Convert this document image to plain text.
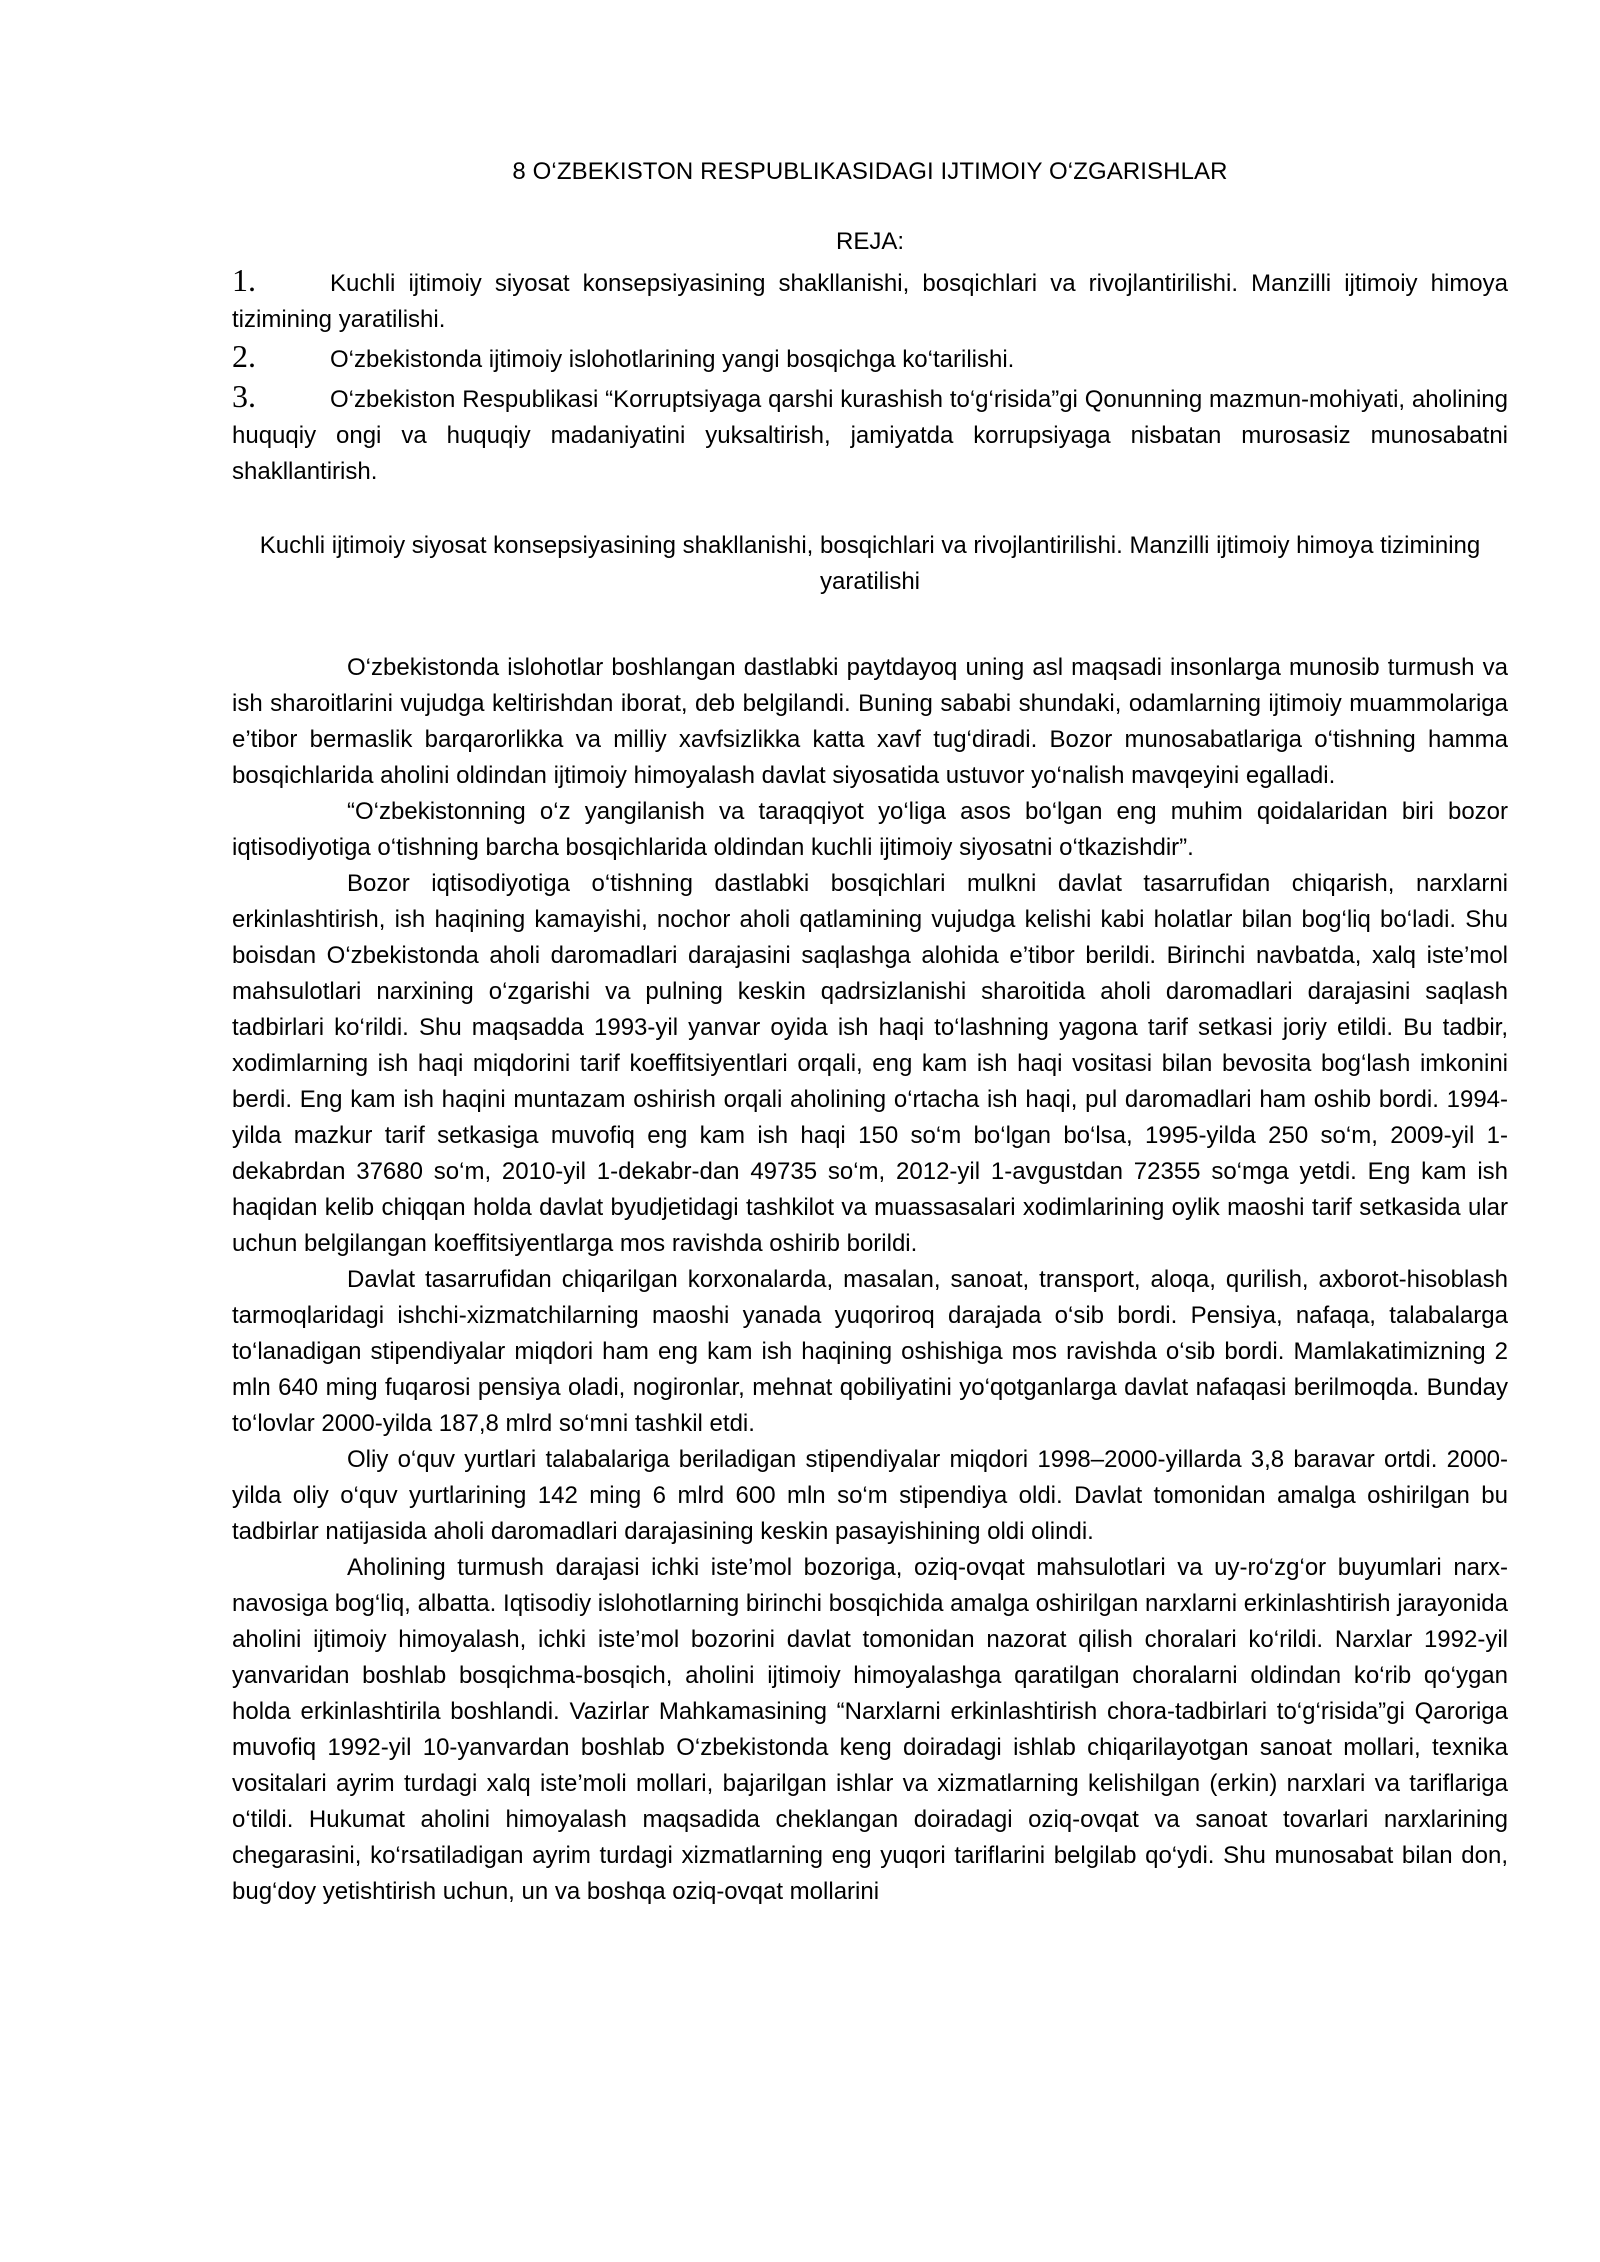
8 O‘ZBEKISTON RESPUBLIKASIDAGI IJTIMOIY O‘ZGARISHLAR

REJA:

1.	Kuchli ijtimoiy siyosat konsepsiyasining shakllanishi, bosqichlari va rivojlantirilishi. Manzilli ijtimoiy himoya tizimining yaratilishi.

2.	O‘zbekistonda ijtimoiy islohotlarining yangi bosqichga ko‘tarilishi.

3.	O‘zbekiston Respublikasi “Korruptsiyaga qarshi kurashish to‘g‘risida”gi Qonunning mazmun-mohiyati, aholining huquqiy ongi va huquqiy madaniyatini yuksaltirish, jamiyatda korrupsiyaga nisbatan murosasiz munosabatni shakllantirish.

Kuchli ijtimoiy siyosat konsepsiyasining shakllanishi, bosqichlari va rivojlantirilishi. Manzilli ijtimoiy himoya tizimining yaratilishi

O‘zbekistonda islohotlar boshlangan dastlabki paytdayoq uning asl maqsadi insonlarga munosib turmush va ish sharoitlarini vujudga keltirishdan iborat, deb belgilandi. Buning sababi shundaki, odamlarning ijtimoiy muammolariga e’tibor bermaslik barqarorlikka va milliy xavfsizlikka katta xavf tug‘diradi. Bozor munosabatlariga o‘tishning hamma bosqichlarida aholini oldindan ijtimoiy himoyalash davlat siyosatida ustuvor yo‘nalish mavqeyini egalladi.

“O‘zbekistonning o‘z yangilanish va taraqqiyot yo‘liga asos bo‘lgan eng muhim qoidalaridan biri bozor iqtisodiyotiga o‘tishning barcha bosqichlarida oldindan kuchli ijtimoiy siyosatni o‘tkazishdir”.

Bozor iqtisodiyotiga o‘tishning dastlabki bosqichlari mulkni davlat tasarrufidan chiqarish, narxlarni erkinlashtirish, ish haqining kamayishi, nochor aholi qatlamining vujudga kelishi kabi holatlar bilan bog‘liq bo‘ladi. Shu boisdan O‘zbekistonda aholi daromadlari darajasini saqlashga alohida e’tibor berildi. Birinchi navbatda, xalq iste’mol mahsulotlari narxining o‘zgarishi va pulning keskin qadrsizlanishi sharoitida aholi daromadlari darajasini saqlash tadbirlari ko‘rildi. Shu maqsadda 1993-yil yanvar oyida ish haqi to‘lashning yagona tarif setkasi joriy etildi. Bu tadbir, xodimlarning ish haqi miqdorini tarif koeffitsiyentlari orqali, eng kam ish haqi vositasi bilan bevosita bog‘lash imkonini berdi. Eng kam ish haqini muntazam oshirish orqali aholining o‘rtacha ish haqi, pul daromadlari ham oshib bordi. 1994-yilda mazkur tarif setkasiga muvofiq eng kam ish haqi 150 so‘m bo‘lgan bo‘lsa, 1995-yilda 250 so‘m, 2009-yil 1-dekabrdan 37680 so‘m, 2010-yil 1-dekabr-dan 49735 so‘m, 2012-yil 1-avgustdan 72355 so‘mga yetdi. Eng kam ish haqidan kelib chiqqan holda davlat byudjetidagi tashkilot va muassasalari xodimlarining oylik maoshi tarif setkasida ular uchun belgilangan koeffitsiyentlarga mos ravishda oshirib borildi.

Davlat tasarrufidan chiqarilgan korxonalarda, masalan, sanoat, transport, aloqa, qurilish, axborot-hisoblash tarmoqlaridagi ishchi-xizmatchilarning maoshi yanada yuqoriroq darajada o‘sib bordi. Pensiya, nafaqa, talabalarga to‘lanadigan stipendiyalar miqdori ham eng kam ish haqining oshishiga mos ravishda o‘sib bordi. Mamlakatimizning 2 mln 640 ming fuqarosi pensiya oladi, nogironlar, mehnat qobiliyatini yo‘qotganlarga davlat nafaqasi berilmoqda. Bunday to‘lovlar 2000-yilda 187,8 mlrd so‘mni tashkil etdi.

Oliy o‘quv yurtlari talabalariga beriladigan stipendiyalar miqdori 1998–2000-yillarda 3,8 baravar ortdi. 2000-yilda oliy o‘quv yurtlarining 142 ming 6 mlrd 600 mln so‘m stipendiya oldi. Davlat tomonidan amalga oshirilgan bu tadbirlar natijasida aholi daromadlari darajasining keskin pasayishining oldi olindi.

Aholining turmush darajasi ichki iste’mol bozoriga, oziq-ovqat mahsulotlari va uy-ro‘zg‘or buyumlari narx-navosiga bog‘liq, albatta. Iqtisodiy islohotlarning birinchi bosqichida amalga oshirilgan narxlarni erkinlashtirish jarayonida aholini ijtimoiy himoyalash, ichki iste’mol bozorini davlat tomonidan nazorat qilish choralari ko‘rildi. Narxlar 1992-yil yanvaridan boshlab bosqichma-bosqich, aholini ijtimoiy himoyalashga qaratilgan choralarni oldindan ko‘rib qo‘ygan holda erkinlashtirila boshlandi. Vazirlar Mahkamasining “Narxlarni erkinlashtirish chora-tadbirlari to‘g‘risida”gi Qaroriga muvofiq 1992-yil 10-yanvardan boshlab O‘zbekistonda keng doiradagi ishlab chiqarilayotgan sanoat mollari, texnika vositalari ayrim turdagi xalq iste’moli mollari, bajarilgan ishlar va xizmatlarning kelishilgan (erkin) narxlari va tariflariga o‘tildi. Hukumat aholini himoyalash maqsadida cheklangan doiradagi oziq-ovqat va sanoat tovarlari narxlarining chegarasini, ko‘rsatiladigan ayrim turdagi xizmatlarning eng yuqori tariflarini belgilab qo‘ydi. Shu munosabat bilan don, bug‘doy yetishtirish uchun, un va boshqa oziq-ovqat mollarini
